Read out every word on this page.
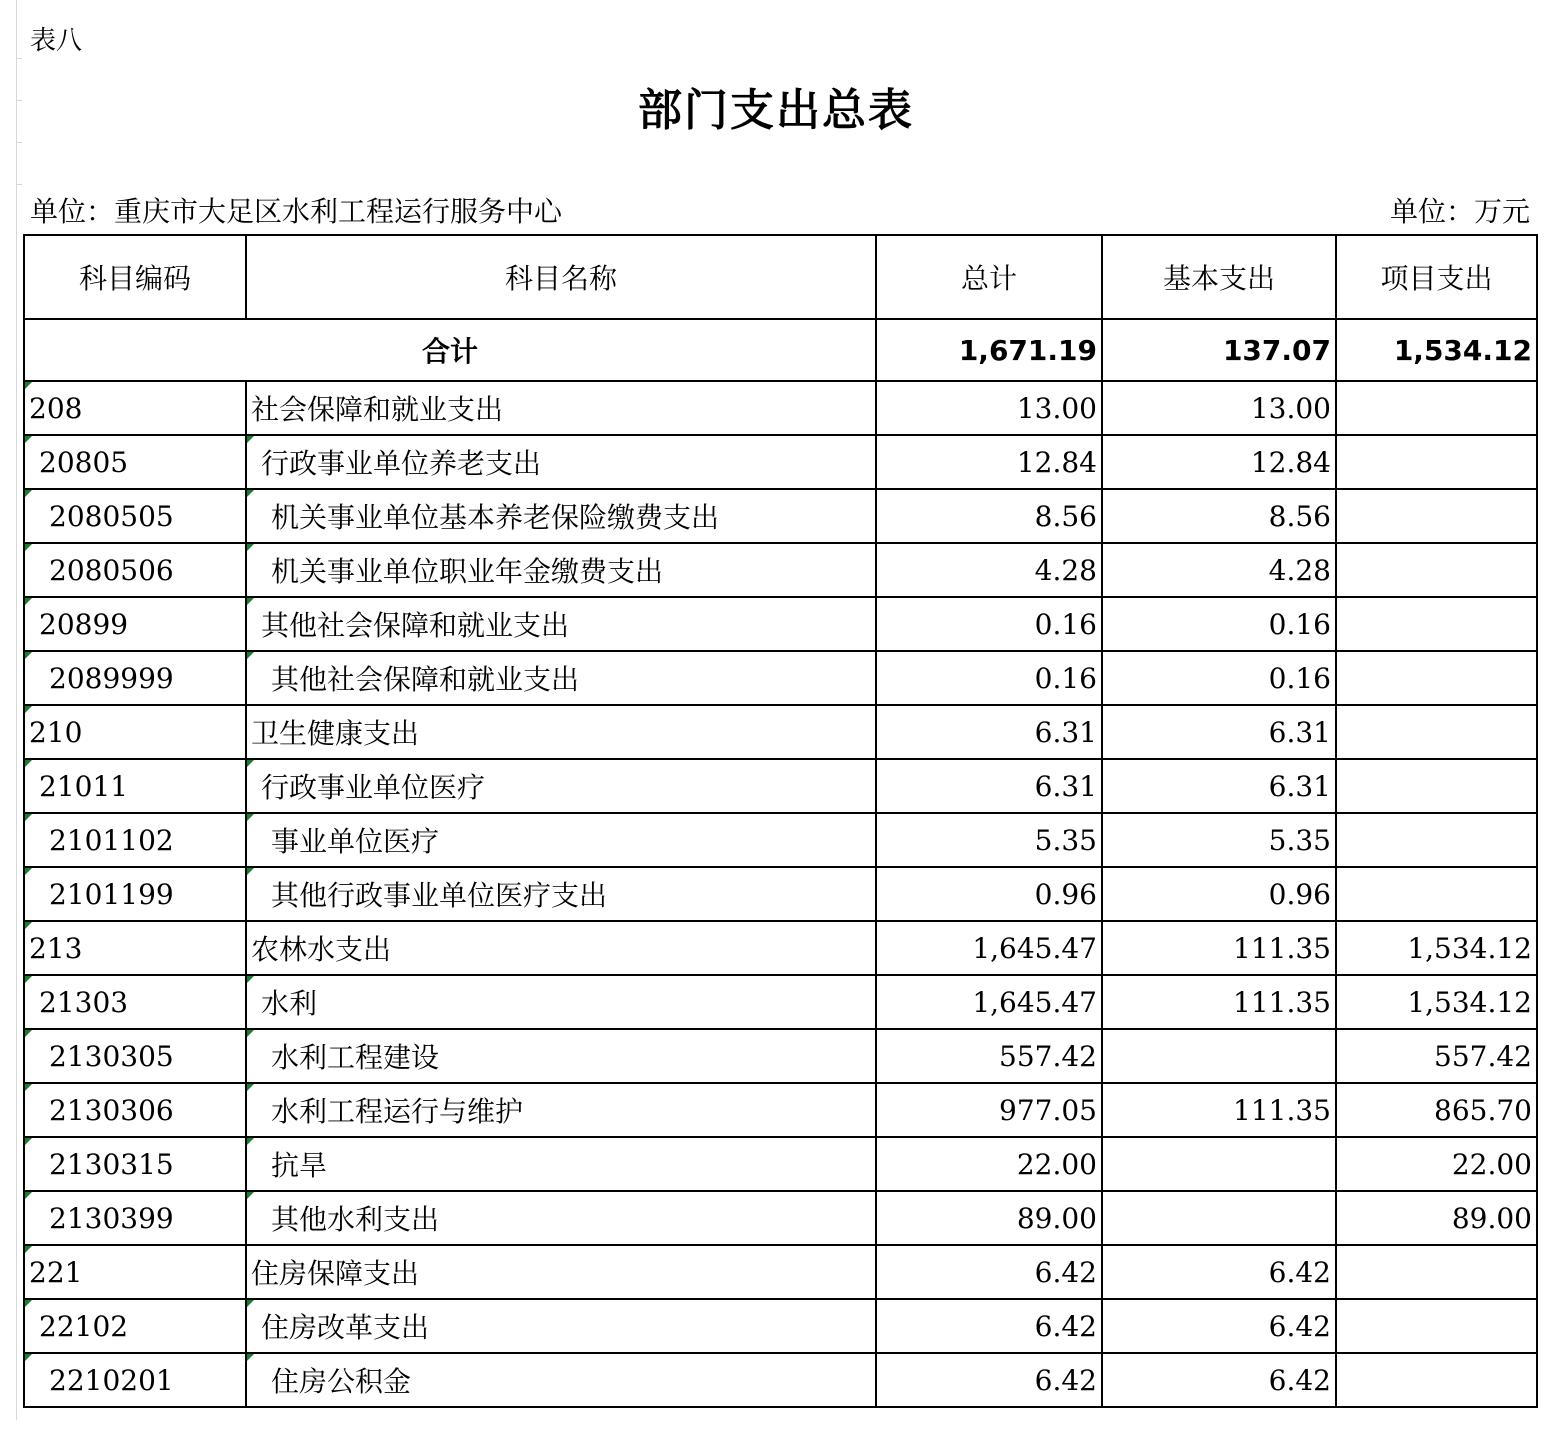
表八
部门支出总表
单位：重庆市大足区水利工程运行服务中心	单位：万元
科目编码	科目名称	总计	基本支出	项目支出
合计		1,671.19	137.07	1,534.12
208	社会保障和就业支出	13.00	13.00	
20805	行政事业单位养老支出	12.84	12.84	
2080505	机关事业单位基本养老保险缴费支出	8.56	8.56	
2080506	机关事业单位职业年金缴费支出	4.28	4.28	
20899	其他社会保障和就业支出	0.16	0.16	
2089999	其他社会保障和就业支出	0.16	0.16	
210	卫生健康支出	6.31	6.31	
21011	行政事业单位医疗	6.31	6.31	
2101102	事业单位医疗	5.35	5.35	
2101199	其他行政事业单位医疗支出	0.96	0.96	
213	农林水支出	1,645.47	111.35	1,534.12
21303	水利	1,645.47	111.35	1,534.12
2130305	水利工程建设	557.42		557.42
2130306	水利工程运行与维护	977.05	111.35	865.70
2130315	抗旱	22.00		22.00
2130399	其他水利支出	89.00		89.00
221	住房保障支出	6.42	6.42	
22102	住房改革支出	6.42	6.42	
2210201	住房公积金	6.42	6.42	
